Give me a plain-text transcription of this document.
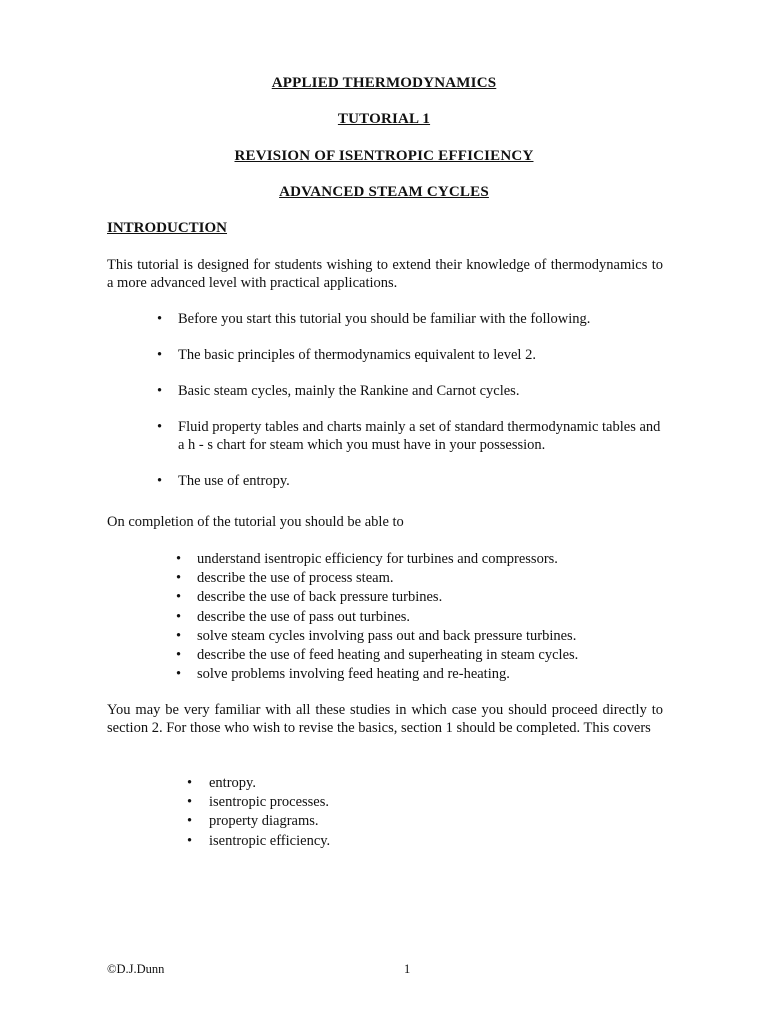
APPLIED THERMODYNAMICS
TUTORIAL 1
REVISION OF ISENTROPIC EFFICIENCY
ADVANCED STEAM CYCLES
INTRODUCTION
This tutorial is designed for students wishing to extend their knowledge of thermodynamics to a more advanced level with practical applications.
• Before you start this tutorial you should be familiar with the following.
• The basic principles of thermodynamics equivalent to level 2.
• Basic steam cycles, mainly the Rankine and Carnot cycles.
• Fluid property tables and charts mainly a set of standard thermodynamic tables and a h - s chart for steam which you must have in your possession.
• The use of entropy.
On completion of the tutorial you should be able to
• understand isentropic efficiency for turbines and compressors.
• describe the use of process steam.
• describe the use of back pressure turbines.
• describe the use of pass out turbines.
• solve steam cycles involving pass out and back pressure turbines.
• describe the use of feed heating and superheating in steam cycles.
• solve problems involving feed heating and re-heating.
You may be very familiar with all these studies in which case you should proceed directly to section 2. For those who wish to revise the basics, section 1 should be completed. This covers
• entropy.
• isentropic processes.
• property diagrams.
• isentropic efficiency.
©D.J.Dunn	1
